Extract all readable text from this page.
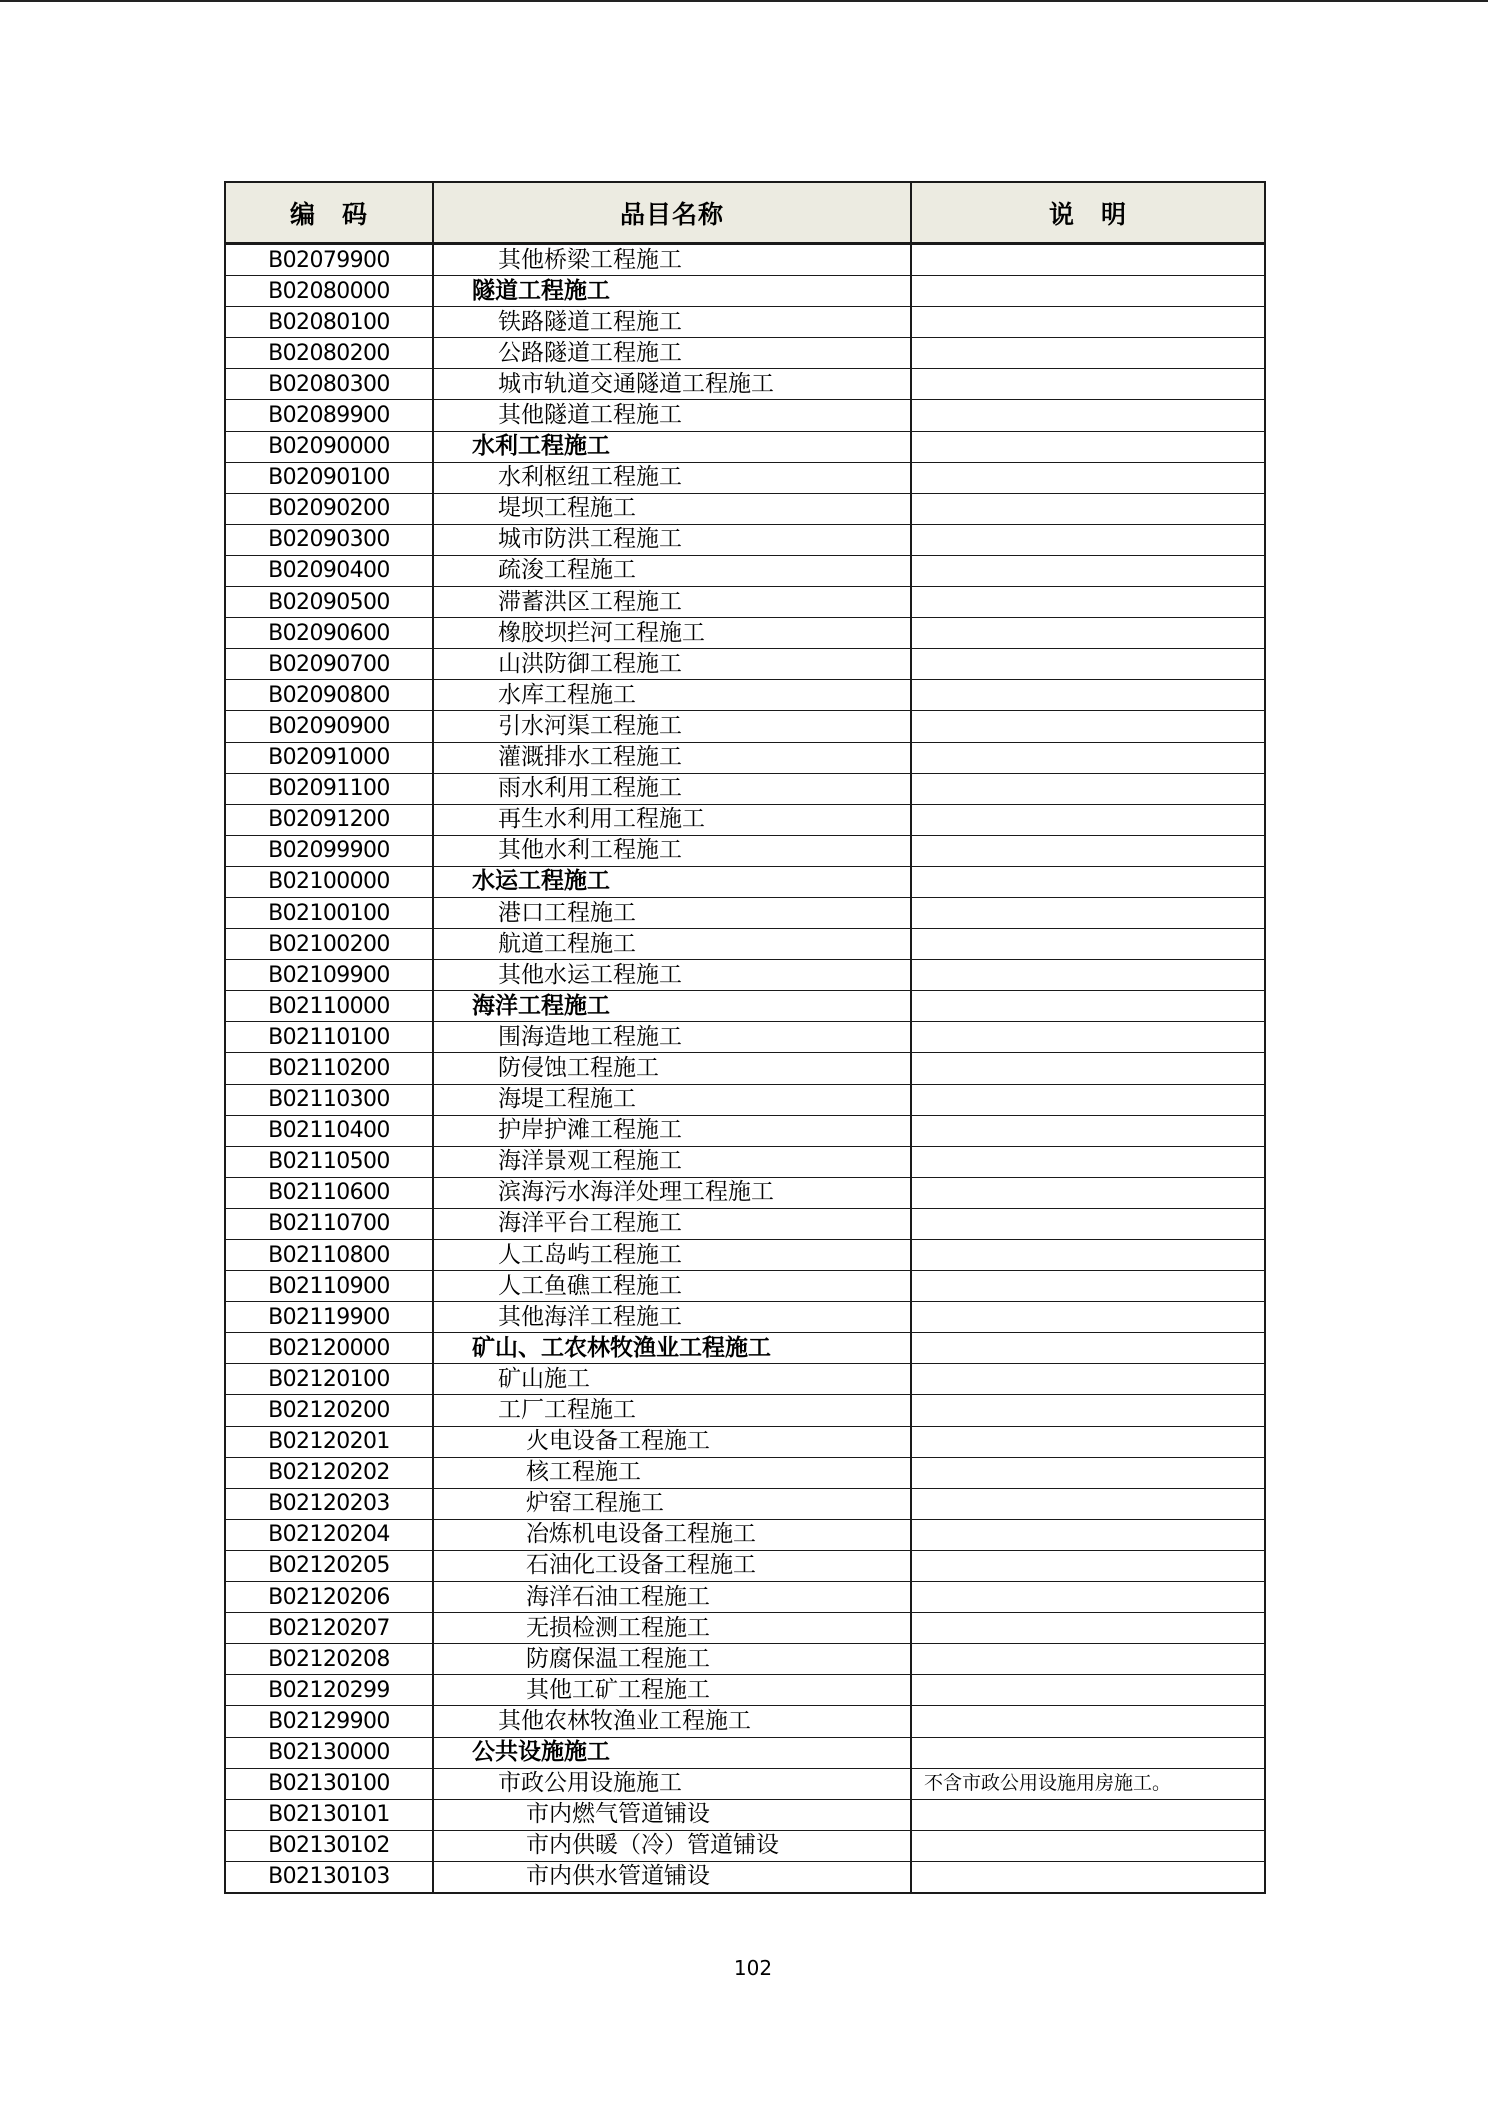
编　码	品目名称	说　明
B02079900	其他桥梁工程施工	
B02080000	隧道工程施工	
B02080100	铁路隧道工程施工	
B02080200	公路隧道工程施工	
B02080300	城市轨道交通隧道工程施工	
B02089900	其他隧道工程施工	
B02090000	水利工程施工	
B02090100	水利枢纽工程施工	
B02090200	堤坝工程施工	
B02090300	城市防洪工程施工	
B02090400	疏浚工程施工	
B02090500	滞蓄洪区工程施工	
B02090600	橡胶坝拦河工程施工	
B02090700	山洪防御工程施工	
B02090800	水库工程施工	
B02090900	引水河渠工程施工	
B02091000	灌溉排水工程施工	
B02091100	雨水利用工程施工	
B02091200	再生水利用工程施工	
B02099900	其他水利工程施工	
B02100000	水运工程施工	
B02100100	港口工程施工	
B02100200	航道工程施工	
B02109900	其他水运工程施工	
B02110000	海洋工程施工	
B02110100	围海造地工程施工	
B02110200	防侵蚀工程施工	
B02110300	海堤工程施工	
B02110400	护岸护滩工程施工	
B02110500	海洋景观工程施工	
B02110600	滨海污水海洋处理工程施工	
B02110700	海洋平台工程施工	
B02110800	人工岛屿工程施工	
B02110900	人工鱼礁工程施工	
B02119900	其他海洋工程施工	
B02120000	矿山、工农林牧渔业工程施工	
B02120100	矿山施工	
B02120200	工厂工程施工	
B02120201	火电设备工程施工	
B02120202	核工程施工	
B02120203	炉窑工程施工	
B02120204	冶炼机电设备工程施工	
B02120205	石油化工设备工程施工	
B02120206	海洋石油工程施工	
B02120207	无损检测工程施工	
B02120208	防腐保温工程施工	
B02120299	其他工矿工程施工	
B02129900	其他农林牧渔业工程施工	
B02130000	公共设施施工	
B02130100	市政公用设施施工	不含市政公用设施用房施工。
B02130101	市内燃气管道铺设	
B02130102	市内供暖（冷）管道铺设	
B02130103	市内供水管道铺设	
102
